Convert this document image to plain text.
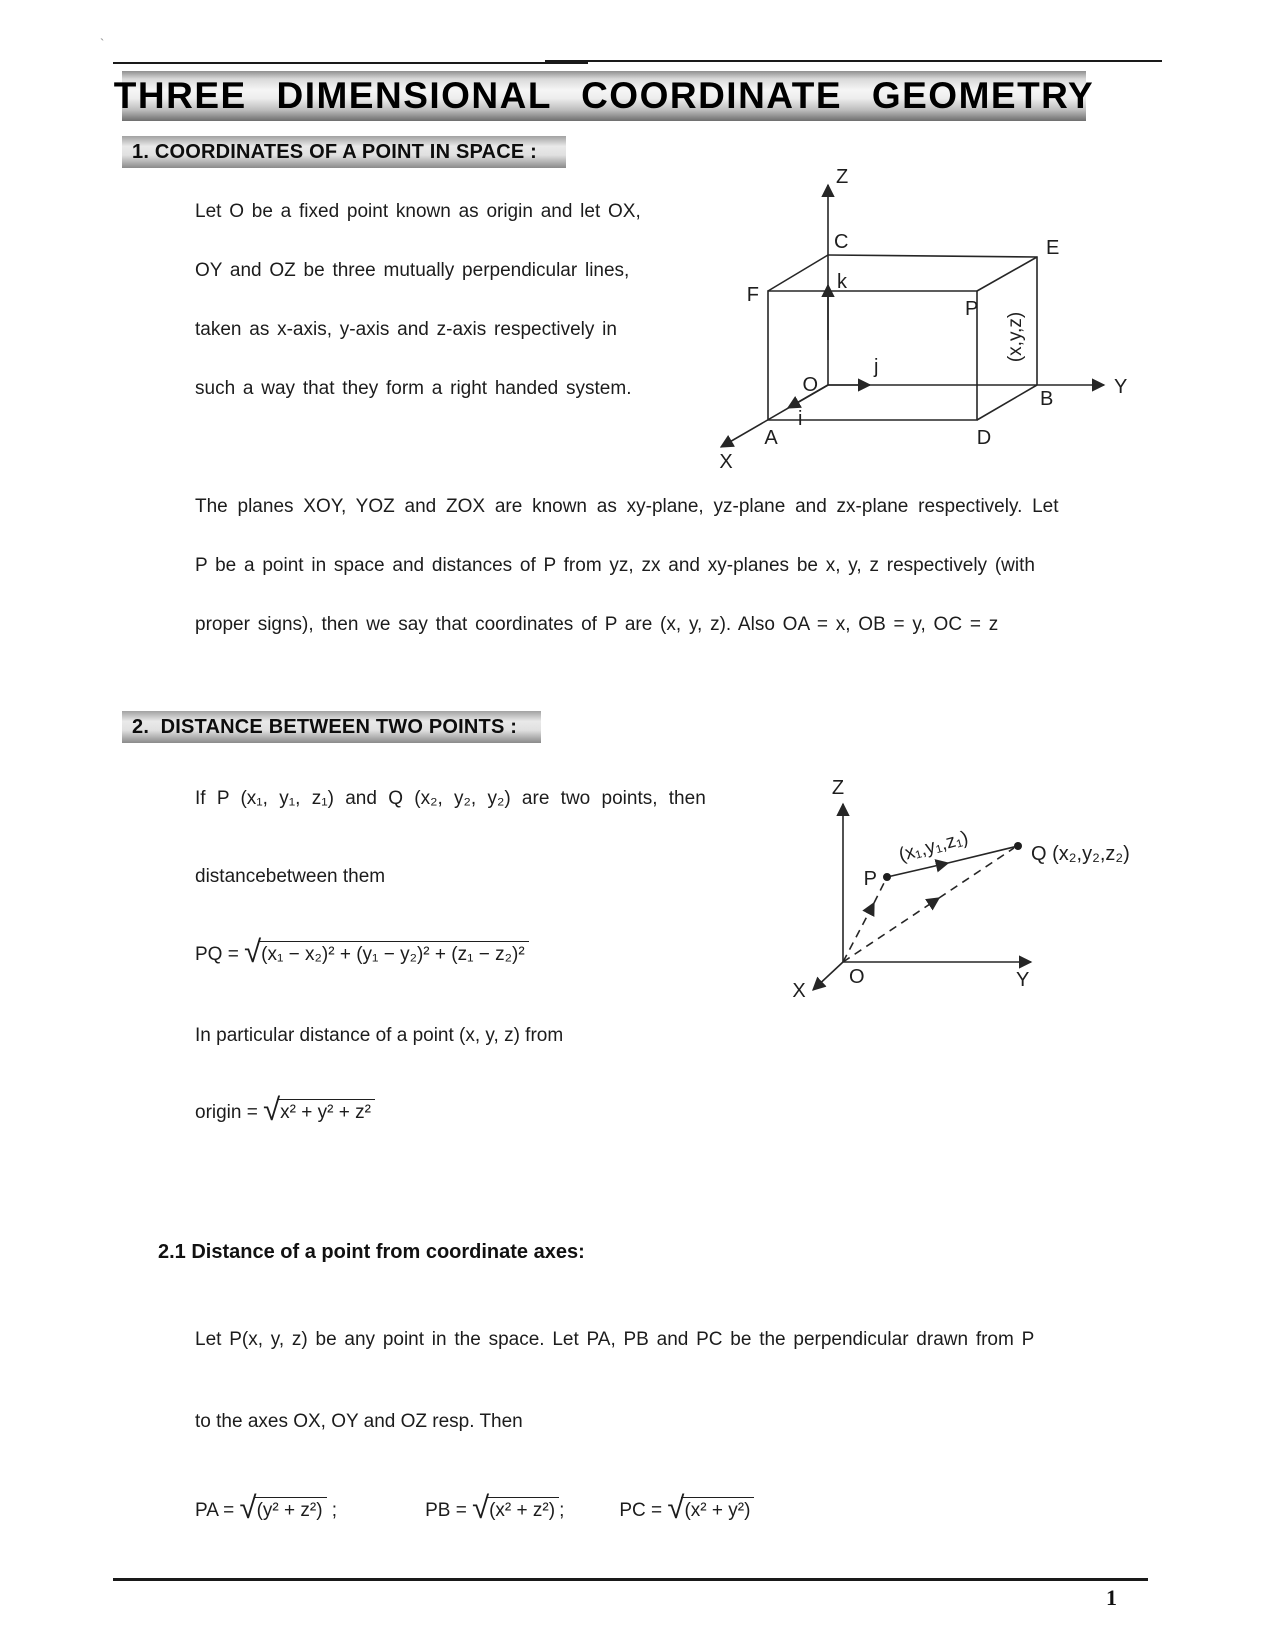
`
THREE DIMENSIONAL COORDINATE GEOMETRY
1. COORDINATES OF A POINT IN SPACE :
Let O be a fixed point known as origin and let OX,
OY and OZ be three mutually perpendicular lines,
taken as x-axis, y-axis and z-axis respectively in
such a way that they form a right handed system.
Z
C	E
F
k
P
O
j
i
A	D
B
X
Y
(x,y,z)
The planes XOY, YOZ and ZOX are known as xy-plane, yz-plane and zx-plane respectively. Let
P be a point in space and distances of P from yz, zx and xy-planes be x, y, z respectively (with
proper signs), then we say that coordinates of P are (x, y, z). Also OA = x, OB = y, OC = z
2.  DISTANCE BETWEEN TWO POINTS :
If P (x₁, y₁, z₁) and Q (x₂, y₂, y₂) are two points, then	Z
O
X	Y
P
Q (x₂,y₂,z₂)
(x₁,y₁,z₁)
distancebetween them
PQ = √ (x₁ − x₂)² + (y₁ − y₂)² + (z₁ − z₂)²
In particular distance of a point (x, y, z) from
origin = √ x² + y² + z²
2.1 Distance of a point from coordinate axes:
Let P(x, y, z) be any point in the space. Let PA, PB and PC be the perpendicular drawn from P
to the axes OX, OY and OZ resp. Then
PA = √ (y² + z²) ;	PB = √ (x² + z²) ;	PC = √ (x² + y²)
1
